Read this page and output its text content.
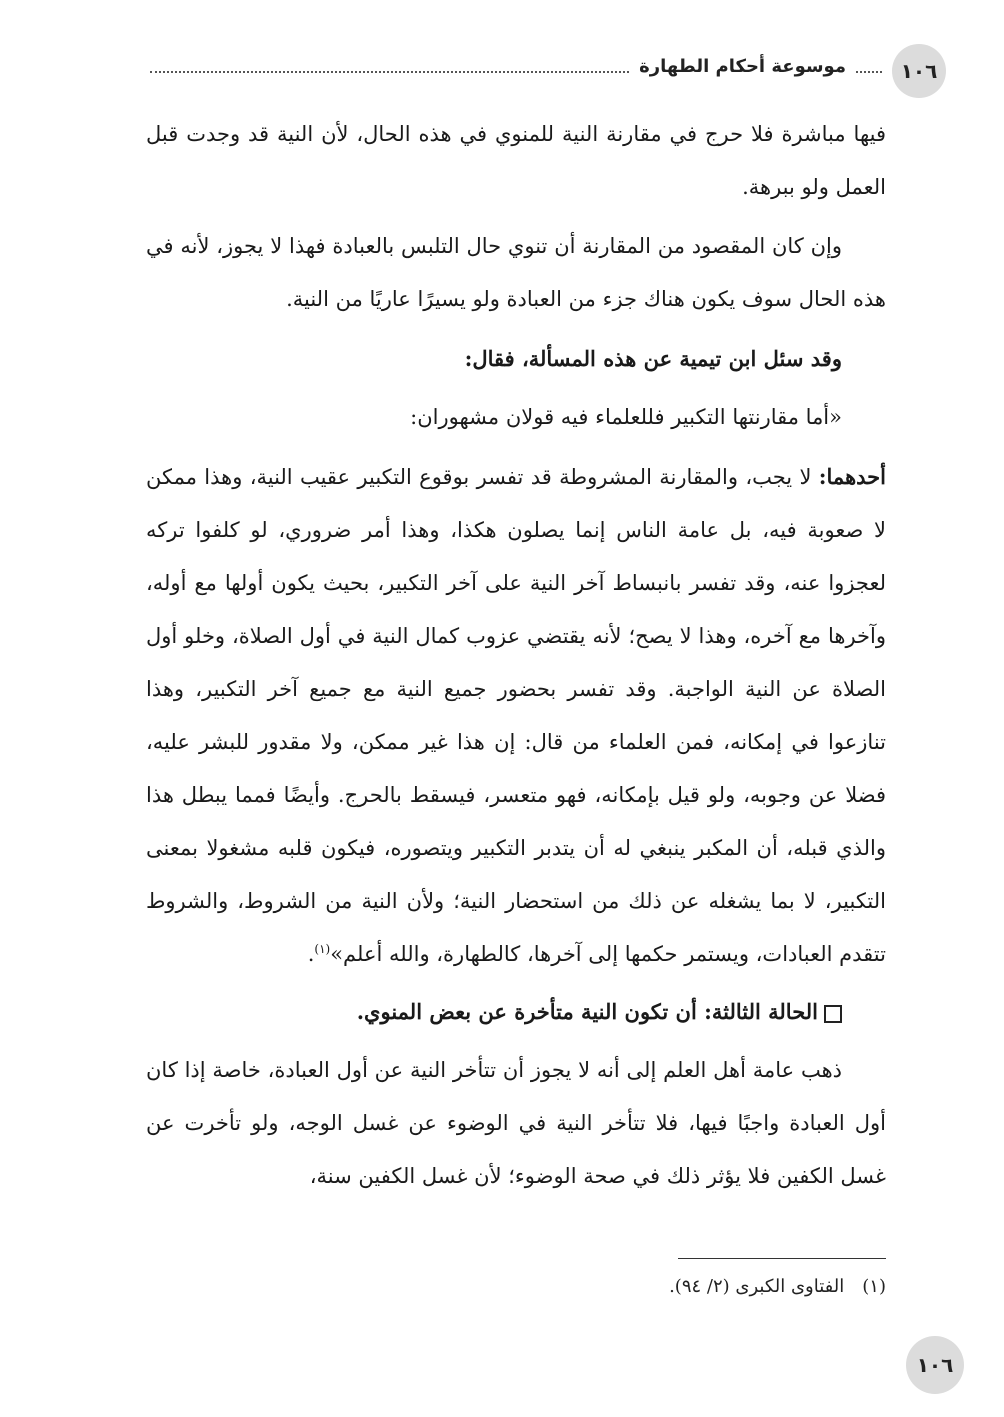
موسوعة أحكام الطهارة	١٠٦

فيها مباشرة فلا حرج في مقارنة النية للمنوي في هذه الحال، لأن النية قد وجدت قبل العمل ولو ببرهة.

وإن كان المقصود من المقارنة أن تنوي حال التلبس بالعبادة فهذا لا يجوز، لأنه في هذه الحال سوف يكون هناك جزء من العبادة ولو يسيرًا عاريًا من النية.

وقد سئل ابن تيمية عن هذه المسألة، فقال:

«أما مقارنتها التكبير فللعلماء فيه قولان مشهوران:

أحدهما: لا يجب، والمقارنة المشروطة قد تفسر بوقوع التكبير عقيب النية، وهذا ممكن لا صعوبة فيه، بل عامة الناس إنما يصلون هكذا، وهذا أمر ضروري، لو كلفوا تركه لعجزوا عنه، وقد تفسر بانبساط آخر النية على آخر التكبير، بحيث يكون أولها مع أوله، وآخرها مع آخره، وهذا لا يصح؛ لأنه يقتضي عزوب كمال النية في أول الصلاة، وخلو أول الصلاة عن النية الواجبة. وقد تفسر بحضور جميع النية مع جميع آخر التكبير، وهذا تنازعوا في إمكانه، فمن العلماء من قال: إن هذا غير ممكن، ولا مقدور للبشر عليه، فضلا عن وجوبه، ولو قيل بإمكانه، فهو متعسر، فيسقط بالحرج. وأيضًا فمما يبطل هذا والذي قبله، أن المكبر ينبغي له أن يتدبر التكبير ويتصوره، فيكون قلبه مشغولا بمعنى التكبير، لا بما يشغله عن ذلك من استحضار النية؛ ولأن النية من الشروط، والشروط تتقدم العبادات، ويستمر حكمها إلى آخرها، كالطهارة، والله أعلم»$^{(١)}$.

الحالة الثالثة: أن تكون النية متأخرة عن بعض المنوي.

ذهب عامة أهل العلم إلى أنه لا يجوز أن تتأخر النية عن أول العبادة، خاصة إذا كان أول العبادة واجبًا فيها، فلا تتأخر النية في الوضوء عن غسل الوجه، ولو تأخرت عن غسل الكفين فلا يؤثر ذلك في صحة الوضوء؛ لأن غسل الكفين سنة،

(١)الفتاوى الكبرى (٢/ ٩٤).
١٠٦
